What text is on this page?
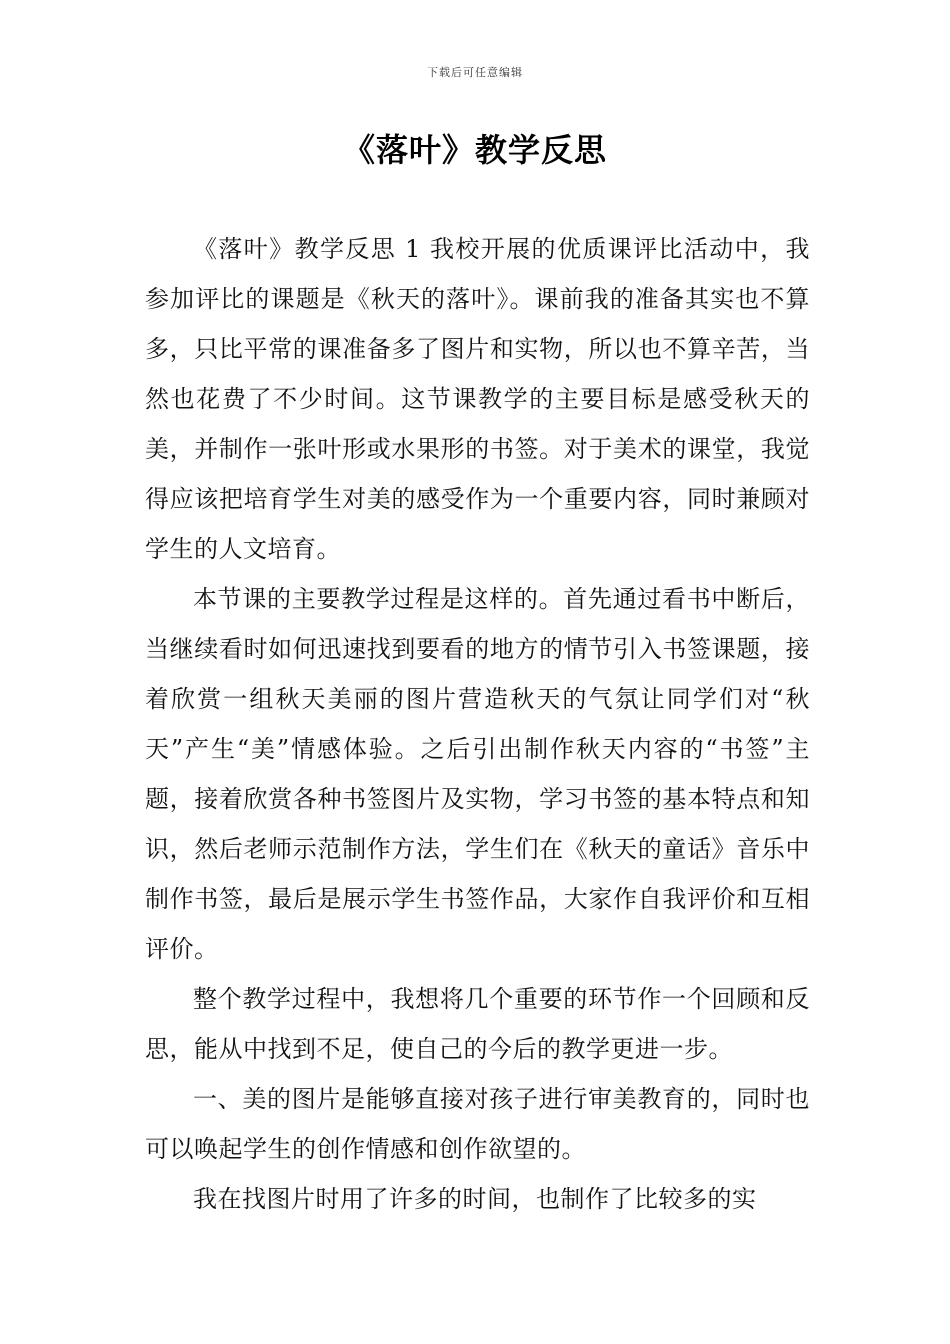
下载后可任意编辑
《落叶》教学反思

《落叶》教学反思 1 我校开展的优质课评比活动中，我参加评比的课题是《秋天的落叶》。课前我的准备其实也不算多，只比平常的课准备多了图片和实物，所以也不算辛苦，当然也花费了不少时间。这节课教学的主要目标是感受秋天的美，并制作一张叶形或水果形的书签。对于美术的课堂，我觉得应该把培育学生对美的感受作为一个重要内容，同时兼顾对学生的人文培育。

本节课的主要教学过程是这样的。首先通过看书中断后，当继续看时如何迅速找到要看的地方的情节引入书签课题，接着欣赏一组秋天美丽的图片营造秋天的气氛让同学们对“秋天”产生“美”情感体验。之后引出制作秋天内容的“书签”主题，接着欣赏各种书签图片及实物，学习书签的基本特点和知识，然后老师示范制作方法，学生们在《秋天的童话》音乐中制作书签，最后是展示学生书签作品，大家作自我评价和互相评价。

整个教学过程中，我想将几个重要的环节作一个回顾和反思，能从中找到不足，使自己的今后的教学更进一步。

一、美的图片是能够直接对孩子进行审美教育的，同时也可以唤起学生的创作情感和创作欲望的。

我在找图片时用了许多的时间，也制作了比较多的实
